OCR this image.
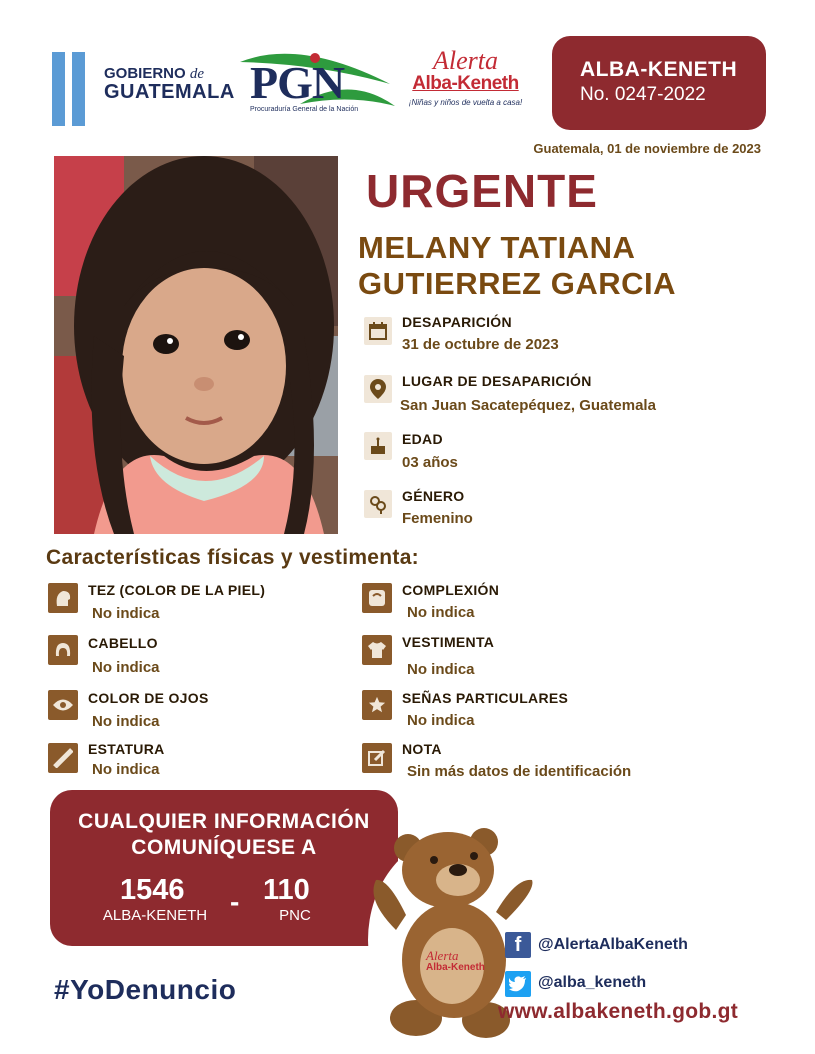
GOBIERNO de
GUATEMALA PGN
Procuraduría General de la Nación
Alerta
Alba-Keneth
¡Niñas y niños de vuelta a casa!
ALBA-KENETH
No. 0247-2022
Guatemala, 01 de noviembre de 2023
URGENTE
MELANY TATIANA
GUTIERREZ GARCIA
DESAPARICIÓN
31 de octubre de 2023
LUGAR DE DESAPARICIÓN
San Juan Sacatepéquez, Guatemala
EDAD
03 años
GÉNERO
Femenino
Características físicas y vestimenta:
TEZ (COLOR DE LA PIEL)
No indica
CABELLO
No indica
COLOR DE OJOS
No indica
ESTATURA
No indica
COMPLEXIÓN
No indica
VESTIMENTA
No indica
SEÑAS PARTICULARES
No indica
NOTA
Sin más datos de identificación
CUALQUIER INFORMACIÓN
COMUNÍQUESE A
1546
ALBA-KENETH - 110
PNC
Alerta
Alba-Keneth
f	@AlertaAlbaKeneth
@alba_keneth
www.albakeneth.gob.gt
#YoDenuncio
